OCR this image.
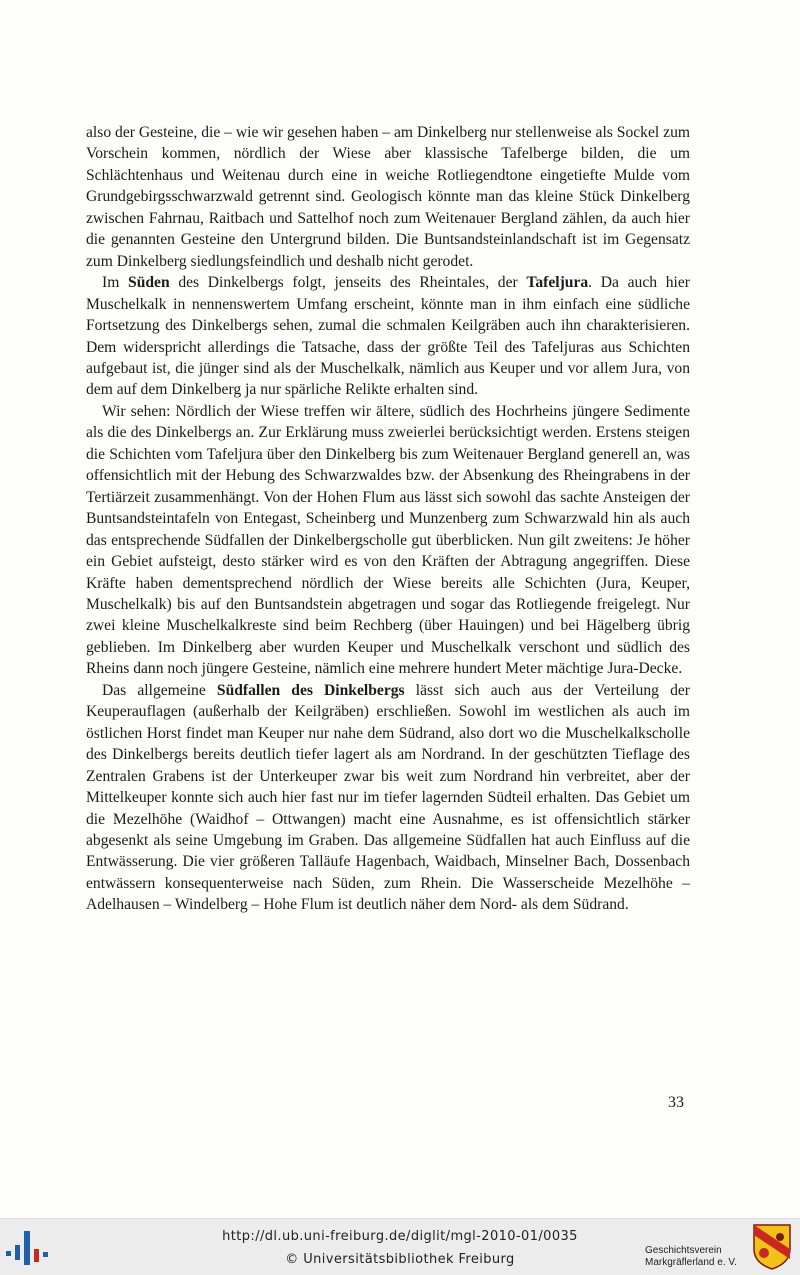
also der Gesteine, die – wie wir gesehen haben – am Dinkelberg nur stellenweise als Sockel zum Vorschein kommen, nördlich der Wiese aber klassische Tafelberge bilden, die um Schlächtenhaus und Weitenau durch eine in weiche Rotliegendtone eingetiefte Mulde vom Grundgebirgsschwarzwald getrennt sind. Geologisch könnte man das kleine Stück Dinkelberg zwischen Fahrnau, Raitbach und Sattelhof noch zum Weitenauer Bergland zählen, da auch hier die genannten Gesteine den Untergrund bilden. Die Buntsandsteinlandschaft ist im Gegensatz zum Dinkelberg siedlungsfeindlich und deshalb nicht gerodet.

Im Süden des Dinkelbergs folgt, jenseits des Rheintales, der Tafeljura. Da auch hier Muschelkalk in nennenswertem Umfang erscheint, könnte man in ihm einfach eine südliche Fortsetzung des Dinkelbergs sehen, zumal die schmalen Keilgräben auch ihn charakterisieren. Dem widerspricht allerdings die Tatsache, dass der größte Teil des Tafeljuras aus Schichten aufgebaut ist, die jünger sind als der Muschelkalk, nämlich aus Keuper und vor allem Jura, von dem auf dem Dinkelberg ja nur spärliche Relikte erhalten sind.

Wir sehen: Nördlich der Wiese treffen wir ältere, südlich des Hochrheins jüngere Sedimente als die des Dinkelbergs an. Zur Erklärung muss zweierlei berücksichtigt werden. Erstens steigen die Schichten vom Tafeljura über den Dinkelberg bis zum Weitenauer Bergland generell an, was offensichtlich mit der Hebung des Schwarzwaldes bzw. der Absenkung des Rheingrabens in der Tertiärzeit zusammenhängt. Von der Hohen Flum aus lässt sich sowohl das sachte Ansteigen der Buntsandsteintafeln von Entegast, Scheinberg und Munzenberg zum Schwarzwald hin als auch das entsprechende Südfallen der Dinkelbergscholle gut überblicken. Nun gilt zweitens: Je höher ein Gebiet aufsteigt, desto stärker wird es von den Kräften der Abtragung angegriffen. Diese Kräfte haben dementsprechend nördlich der Wiese bereits alle Schichten (Jura, Keuper, Muschelkalk) bis auf den Buntsandstein abgetragen und sogar das Rotliegende freigelegt. Nur zwei kleine Muschelkalkreste sind beim Rechberg (über Hauingen) und bei Hägelberg übrig geblieben. Im Dinkelberg aber wurden Keuper und Muschelkalk verschont und südlich des Rheins dann noch jüngere Gesteine, nämlich eine mehrere hundert Meter mächtige Jura-Decke.

Das allgemeine Südfallen des Dinkelbergs lässt sich auch aus der Verteilung der Keuperauflagen (außerhalb der Keilgräben) erschließen. Sowohl im westlichen als auch im östlichen Horst findet man Keuper nur nahe dem Südrand, also dort wo die Muschelkalkscholle des Dinkelbergs bereits deutlich tiefer lagert als am Nordrand. In der geschützten Tieflage des Zentralen Grabens ist der Unterkeuper zwar bis weit zum Nordrand hin verbreitet, aber der Mittelkeuper konnte sich auch hier fast nur im tiefer lagernden Südteil erhalten. Das Gebiet um die Mezelhöhe (Waidhof – Ottwangen) macht eine Ausnahme, es ist offensichtlich stärker abgesenkt als seine Umgebung im Graben. Das allgemeine Südfallen hat auch Einfluss auf die Entwässerung. Die vier größeren Talläufe Hagenbach, Waidbach, Minselner Bach, Dossenbach entwässern konsequenterweise nach Süden, zum Rhein. Die Wasserscheide Mezelhöhe – Adelhausen – Windelberg – Hohe Flum ist deutlich näher dem Nord- als dem Südrand.

33
http://dl.ub.uni-freiburg.de/diglit/mgl-2010-01/0035
© Universitätsbibliothek Freiburg
Geschichtsverein
Markgräflerland e. V.
